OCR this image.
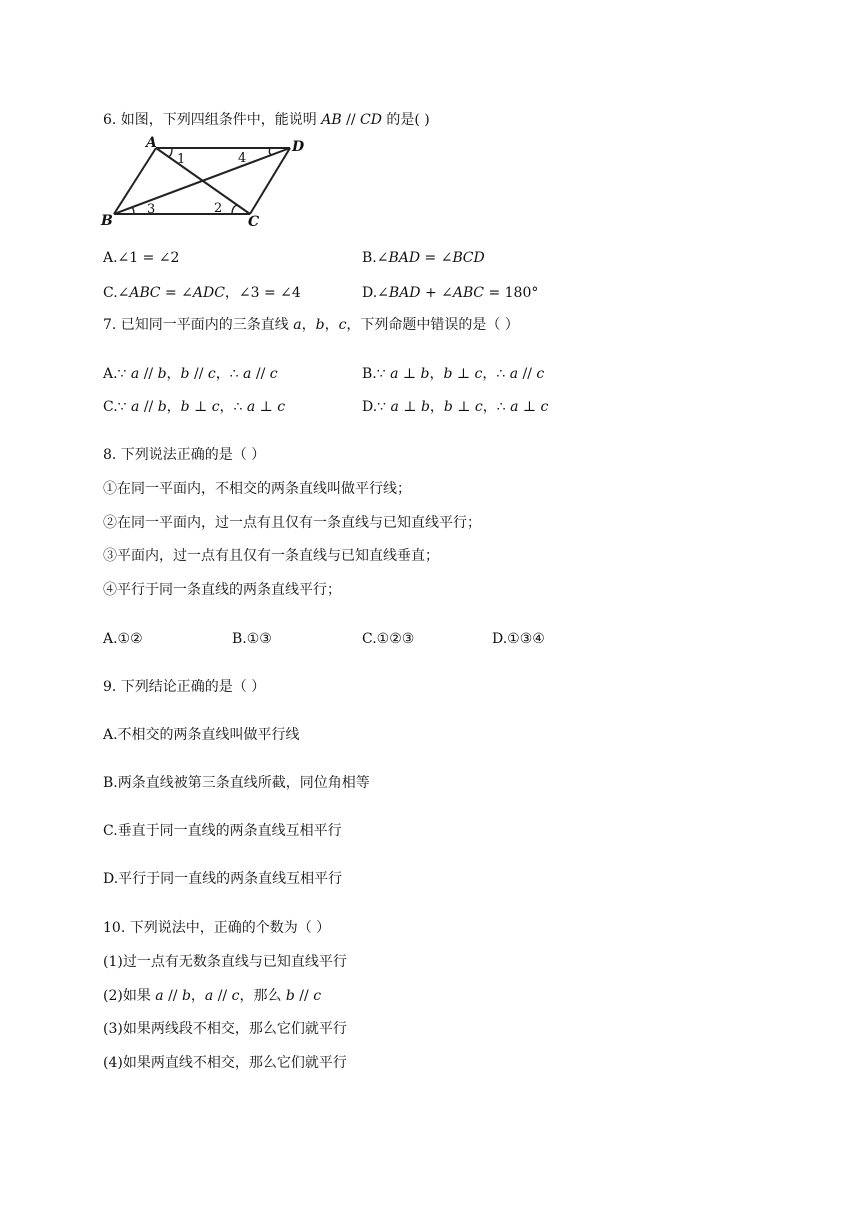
6. 如图，下列四组条件中，能说明 𝐴𝐵 // 𝐶𝐷 的是( )
A	D
B	C
1	4
3	2
A.∠1 = ∠2	B.∠𝐵𝐴𝐷 = ∠𝐵𝐶𝐷
C.∠𝐴𝐵𝐶 = ∠𝐴𝐷𝐶，∠3 = ∠4	D.∠𝐵𝐴𝐷 + ∠𝐴𝐵𝐶 = 180°
7. 已知同一平面内的三条直线 𝑎，𝑏，𝑐，下列命题中错误的是（ ）
A.∵ 𝑎 // 𝑏，𝑏 // 𝑐，∴ 𝑎 // 𝑐	B.∵ 𝑎 ⊥ 𝑏，𝑏 ⊥ 𝑐，∴ 𝑎 // 𝑐
C.∵ 𝑎 // 𝑏，𝑏 ⊥ 𝑐，∴ 𝑎 ⊥ 𝑐	D.∵ 𝑎 ⊥ 𝑏，𝑏 ⊥ 𝑐，∴ 𝑎 ⊥ 𝑐
8. 下列说法正确的是（ ）
①在同一平面内，不相交的两条直线叫做平行线；
②在同一平面内，过一点有且仅有一条直线与已知直线平行；
③平面内，过一点有且仅有一条直线与已知直线垂直；
④平行于同一条直线的两条直线平行；
A.①②	B.①③	C.①②③	D.①③④
9. 下列结论正确的是（ ）
A.不相交的两条直线叫做平行线
B.两条直线被第三条直线所截，同位角相等
C.垂直于同一直线的两条直线互相平行
D.平行于同一直线的两条直线互相平行
10. 下列说法中，正确的个数为（ ）
(1)过一点有无数条直线与已知直线平行
(2)如果 𝑎 // 𝑏，𝑎 // 𝑐，那么 𝑏 // 𝑐
(3)如果两线段不相交，那么它们就平行
(4)如果两直线不相交，那么它们就平行
